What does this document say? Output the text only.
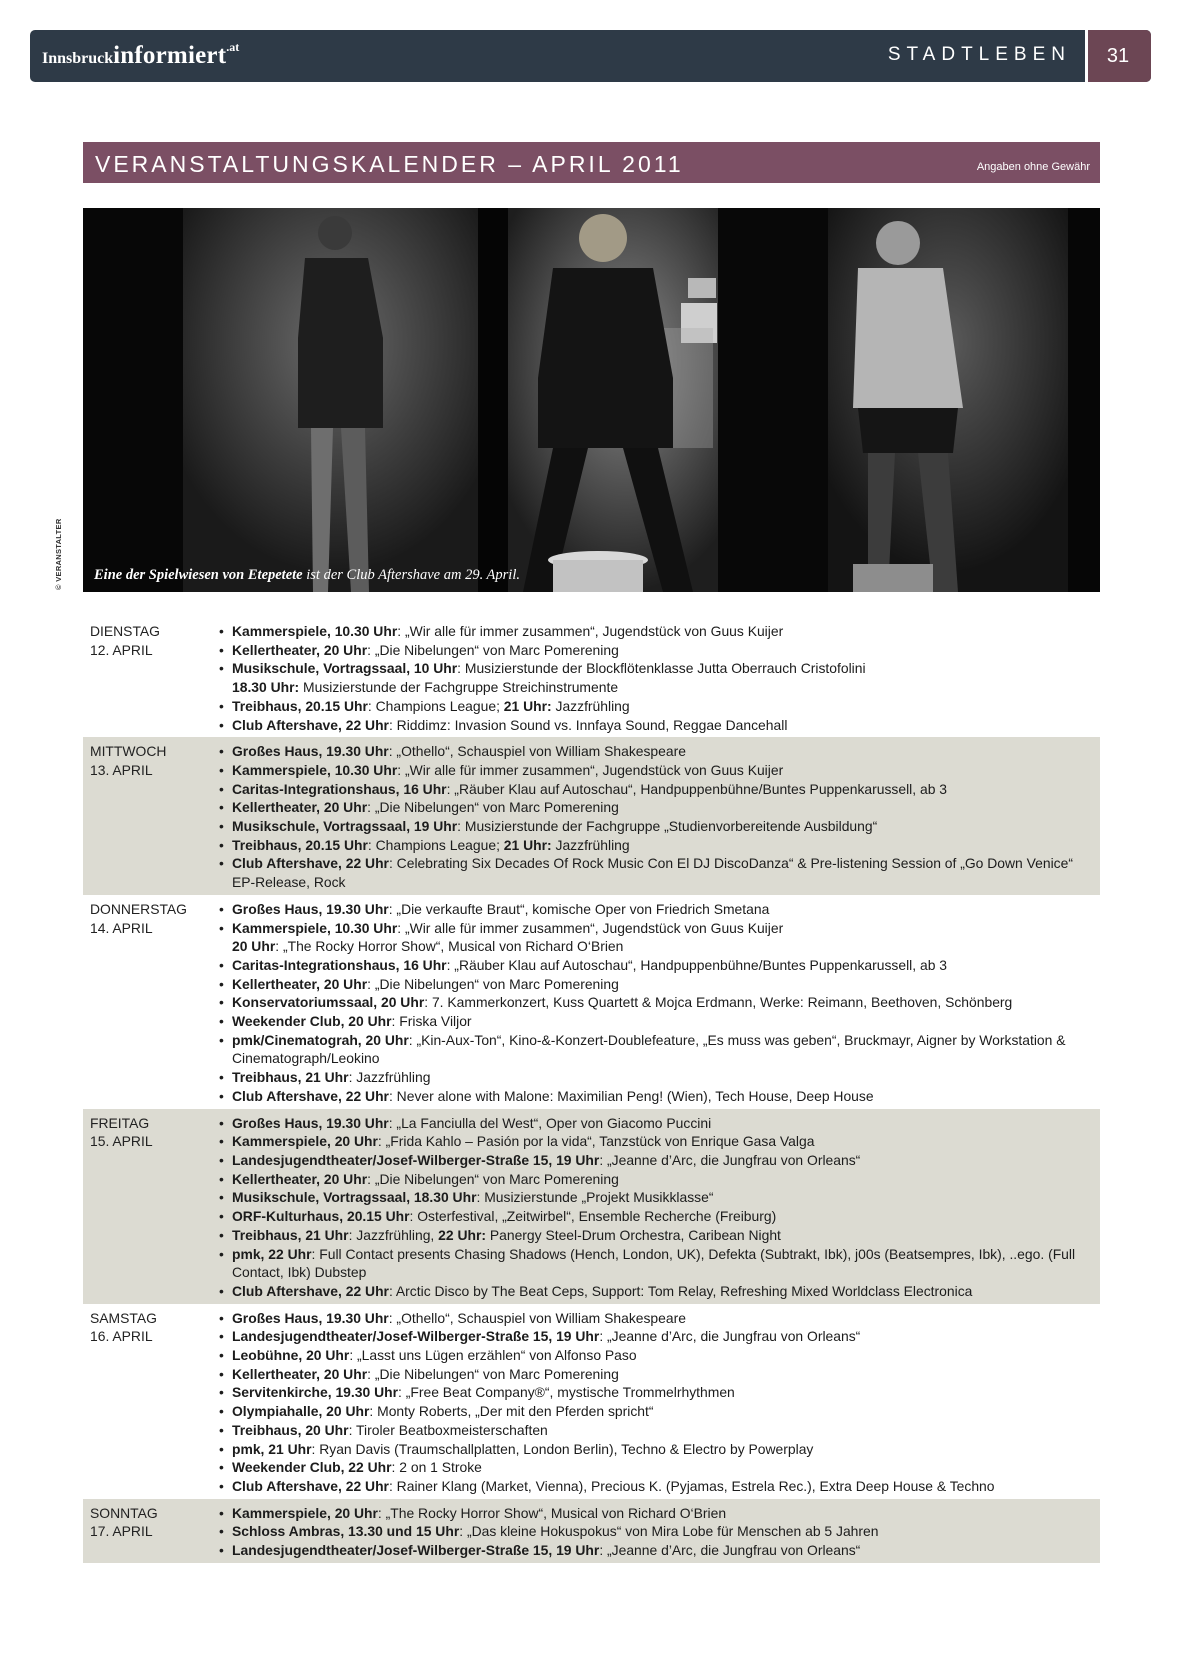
Innsbruckinformiert$^{.at}$	STADTLEBEN	31
VERANSTALTUNGSKALENDER – APRIL 2011	Angaben ohne Gewähr
Eine der Spielwiesen von Etepetete ist der Club Aftershave am 29. April.
© VERANSTALTER
DIENSTAG
12. APRIL
• Kammerspiele, 10.30 Uhr: „Wir alle für immer zusammen“, Jugendstück von Guus Kuijer
• Kellertheater, 20 Uhr: „Die Nibelungen“ von Marc Pomerening
• Musikschule, Vortragssaal, 10 Uhr: Musizierstunde der Blockflötenklasse Jutta Oberrauch Cristofolini
18.30 Uhr: Musizierstunde der Fachgruppe Streichinstrumente
• Treibhaus, 20.15 Uhr: Champions League; 21 Uhr: Jazzfrühling
• Club Aftershave, 22 Uhr: Riddimz: Invasion Sound vs. Innfaya Sound, Reggae Dancehall
MITTWOCH
13. APRIL
• Großes Haus, 19.30 Uhr: „Othello“, Schauspiel von William Shakespeare
• Kammerspiele, 10.30 Uhr: „Wir alle für immer zusammen“, Jugendstück von Guus Kuijer
• Caritas-Integrationshaus, 16 Uhr: „Räuber Klau auf Autoschau“, Handpuppenbühne/Buntes Puppenkarussell, ab 3
• Kellertheater, 20 Uhr: „Die Nibelungen“ von Marc Pomerening
• Musikschule, Vortragssaal, 19 Uhr: Musizierstunde der Fachgruppe „Studienvorbereitende Ausbildung“
• Treibhaus, 20.15 Uhr: Champions League; 21 Uhr: Jazzfrühling
• Club Aftershave, 22 Uhr: Celebrating Six Decades Of Rock Music Con El DJ DiscoDanza“ & Pre-listening Session of „Go Down Venice“ EP-Release, Rock
DONNERSTAG
14. APRIL
• Großes Haus, 19.30 Uhr: „Die verkaufte Braut“, komische Oper von Friedrich Smetana
• Kammerspiele, 10.30 Uhr: „Wir alle für immer zusammen“, Jugendstück von Guus Kuijer
20 Uhr: „The Rocky Horror Show“, Musical von Richard O‘Brien
• Caritas-Integrationshaus, 16 Uhr: „Räuber Klau auf Autoschau“, Handpuppenbühne/Buntes Puppenkarussell, ab 3
• Kellertheater, 20 Uhr: „Die Nibelungen“ von Marc Pomerening
• Konservatoriumssaal, 20 Uhr: 7. Kammerkonzert, Kuss Quartett & Mojca Erdmann, Werke: Reimann, Beethoven, Schönberg
• Weekender Club, 20 Uhr: Friska Viljor
• pmk/Cinematograh, 20 Uhr: „Kin-Aux-Ton“, Kino-&-Konzert-Doublefeature, „Es muss was geben“, Bruckmayr, Aigner by Workstation & Cinematograph/Leokino
• Treibhaus, 21 Uhr: Jazzfrühling
• Club Aftershave, 22 Uhr: Never alone with Malone: Maximilian Peng! (Wien), Tech House, Deep House
FREITAG
15. APRIL
• Großes Haus, 19.30 Uhr: „La Fanciulla del West“, Oper von Giacomo Puccini
• Kammerspiele, 20 Uhr: „Frida Kahlo – Pasión por la vida“, Tanzstück von Enrique Gasa Valga
• Landesjugendtheater/Josef-Wilberger-Straße 15, 19 Uhr: „Jeanne d’Arc, die Jungfrau von Orleans“
• Kellertheater, 20 Uhr: „Die Nibelungen“ von Marc Pomerening
• Musikschule, Vortragssaal, 18.30 Uhr: Musizierstunde „Projekt Musikklasse“
• ORF-Kulturhaus, 20.15 Uhr: Osterfestival, „Zeitwirbel“, Ensemble Recherche (Freiburg)
• Treibhaus, 21 Uhr: Jazzfrühling, 22 Uhr: Panergy Steel-Drum Orchestra, Caribean Night
• pmk, 22 Uhr: Full Contact presents Chasing Shadows (Hench, London, UK), Defekta (Subtrakt, Ibk), j00s (Beatsempres, Ibk), ..ego. (Full Contact, Ibk) Dubstep
• Club Aftershave, 22 Uhr: Arctic Disco by The Beat Ceps, Support: Tom Relay, Refreshing Mixed Worldclass Electronica
SAMSTAG
16. APRIL
• Großes Haus, 19.30 Uhr: „Othello“, Schauspiel von William Shakespeare
• Landesjugendtheater/Josef-Wilberger-Straße 15, 19 Uhr: „Jeanne d’Arc, die Jungfrau von Orleans“
• Leobühne, 20 Uhr: „Lasst uns Lügen erzählen“ von Alfonso Paso
• Kellertheater, 20 Uhr: „Die Nibelungen“ von Marc Pomerening
• Servitenkirche, 19.30 Uhr: „Free Beat Company®“, mystische Trommelrhythmen
• Olympiahalle, 20 Uhr: Monty Roberts, „Der mit den Pferden spricht“
• Treibhaus, 20 Uhr: Tiroler Beatboxmeisterschaften
• pmk, 21 Uhr: Ryan Davis (Traumschallplatten, London Berlin), Techno & Electro by Powerplay
• Weekender Club, 22 Uhr: 2 on 1 Stroke
• Club Aftershave, 22 Uhr: Rainer Klang (Market, Vienna), Precious K. (Pyjamas, Estrela Rec.), Extra Deep House & Techno
SONNTAG
17. APRIL
• Kammerspiele, 20 Uhr: „The Rocky Horror Show“, Musical von Richard O‘Brien
• Schloss Ambras, 13.30 und 15 Uhr: „Das kleine Hokuspokus“ von Mira Lobe für Menschen ab 5 Jahren
• Landesjugendtheater/Josef-Wilberger-Straße 15, 19 Uhr: „Jeanne d’Arc, die Jungfrau von Orleans“
